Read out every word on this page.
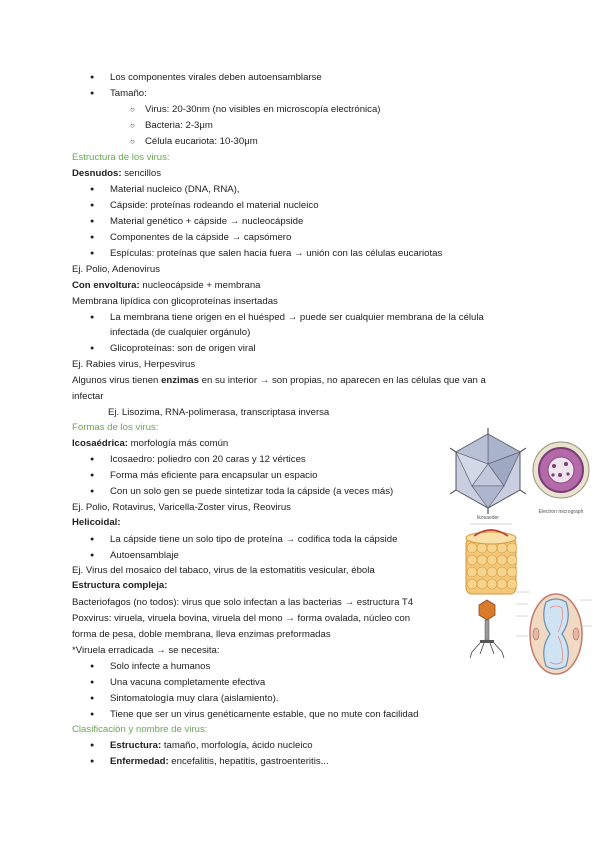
Los componentes virales deben autoensamblarse
Tamaño:
Virus: 20-30nm (no visibles en microscopía electrónica)
Bacteria: 2-3μm
Célula eucariota: 10-30μm
Estructura de los virus:
Desnudos: sencillos
Material nucleico (DNA, RNA),
Cápside: proteínas rodeando el material nucleico
Material genético + cápside → nucleocápside
Componentes de la cápside → capsómero
Espículas: proteínas que salen hacia fuera → unión con las células eucariotas
Ej. Polio, Adenovirus
Con envoltura: nucleocápside + membrana
Membrana lipídica con glicoproteínas insertadas
La membrana tiene origen en el huésped → puede ser cualquier membrana de la célula
infectada (de cualquier orgánulo)
Glicoproteínas: son de origen viral
Ej. Rabies virus, Herpesvirus
Algunos virus tienen enzimas en su interior → son propias, no aparecen en las células que van a
infectar
Ej. Lisozima, RNA-polimerasa, transcriptasa inversa
Formas de los virus:
Icosaédrica: morfología más común
Icosaedro: poliedro con 20 caras y 12 vértices
Forma más eficiente para encapsular un espacio
Con un solo gen se puede sintetizar toda la cápside (a veces más)
Ej. Polio, Rotavirus, Varicella-Zoster virus, Reovirus
Helicoidal:
La cápside tiene un solo tipo de proteína → codifica toda la cápside
Autoensamblaje
Ej. Virus del mosaico del tabaco, virus de la estomatitis vesicular, ébola
Estructura compleja:
Bacteriofagos (no todos): virus que solo infectan a las bacterias → estructura T4
Poxvirus: viruela, viruela bovina, viruela del mono → forma ovalada, núcleo con
forma de pesa, doble membrana, lleva enzimas preformadas
*Viruela erradicada → se necesita:
Solo infecte a humanos
Una vacuna completamente efectiva
Sintomatología muy clara (aislamiento).
Tiene que ser un virus genéticamente estable, que no mute con facilidad
Clasificación y nombre de virus:
Estructura: tamaño, morfología, ácido nucleico
Enfermedad: encefalitis, hepatitis, gastroenteritis...
Ikosaeder
Electron micrograph
